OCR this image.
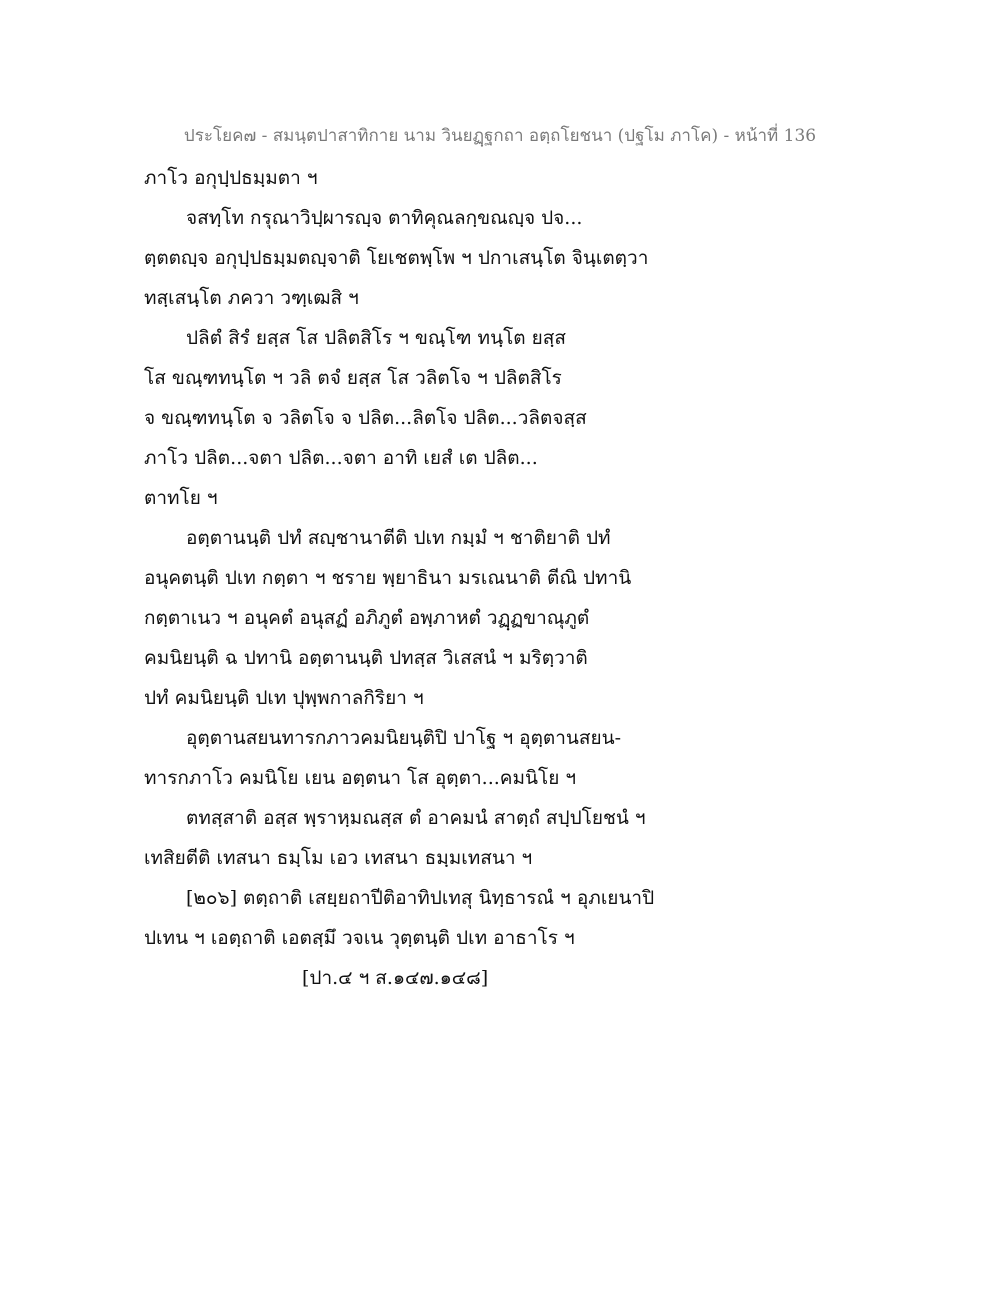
ประโยค๗ - สมนฺตปาสาทิกาย นาม วินยฏฺฐกถา อตฺถโยชนา (ปฐโม ภาโค) - หน้าที่ 136
ภาโว อกุปฺปธมฺมตา ฯ
จสทฺโท กรุณาวิปฺผารญฺจ ตาทิคุณลกฺขณญฺจ ปจ...
ตฺตตญฺจ อกุปฺปธมฺมตญฺจาติ โยเชตพฺโพ ฯ ปกาเสนฺโต จินฺเตตฺวา
ทสฺเสนฺโต ภควา วฑฺเฒสิ ฯ
ปลิตํ สิรํ ยสฺส โส ปลิตสิโร ฯ ขณฺโฑ ทนฺโต ยสฺส
โส ขณฺฑทนฺโต ฯ วลิ ตจํ ยสฺส โส วลิตโจ ฯ ปลิตสิโร
จ ขณฺฑทนฺโต จ วลิตโจ จ ปลิต...ลิตโจ ปลิต...วลิตจสฺส
ภาโว ปลิต...จตา ปลิต...จตา อาทิ เยสํ เต ปลิต...
ตาทโย ฯ
อตฺตานนฺติ ปทํ สญฺชานาตีติ ปเท กมฺมํ ฯ ชาติยาติ ปทํ
อนุคตนฺติ ปเท กตฺตา ฯ ชราย พฺยาธินา มรเณนาติ ตีณิ ปทานิ
กตฺตาเนว ฯ อนุคตํ อนุสฏํ อภิภูตํ อพฺภาหตํ วฏฺฏขาณุภูตํ
คมนิยนฺติ ฉ ปทานิ อตฺตานนฺติ ปทสฺส วิเสสนํ ฯ มริตฺวาติ
ปทํ คมนิยนฺติ ปเท ปุพฺพกาลกิริยา ฯ
อุตฺตานสยนทารกภาวคมนิยนฺติปิ ปาโฐ ฯ อุตฺตานสยน-
ทารกภาโว คมนิโย เยน อตฺตนา โส อุตฺตา...คมนิโย ฯ
ตทสฺสาติ อสฺส พฺราหฺมณสฺส ตํ อาคมนํ สาตฺถํ สปฺปโยชนํ ฯ
เทสิยตีติ เทสนา ธมฺโม เอว เทสนา ธมฺมเทสนา ฯ
[๒๐๖] ตตฺถาติ เสยฺยถาปีติอาทิปเทสุ นิทฺธารณํ ฯ อุภเยนาปิ
ปเทน ฯ เอตฺถาติ เอตสฺมึ วจเน วุตฺตนฺติ ปเท อาธาโร ฯ
[ปา.๔ ฯ ส.๑๔๗.๑๔๘]
